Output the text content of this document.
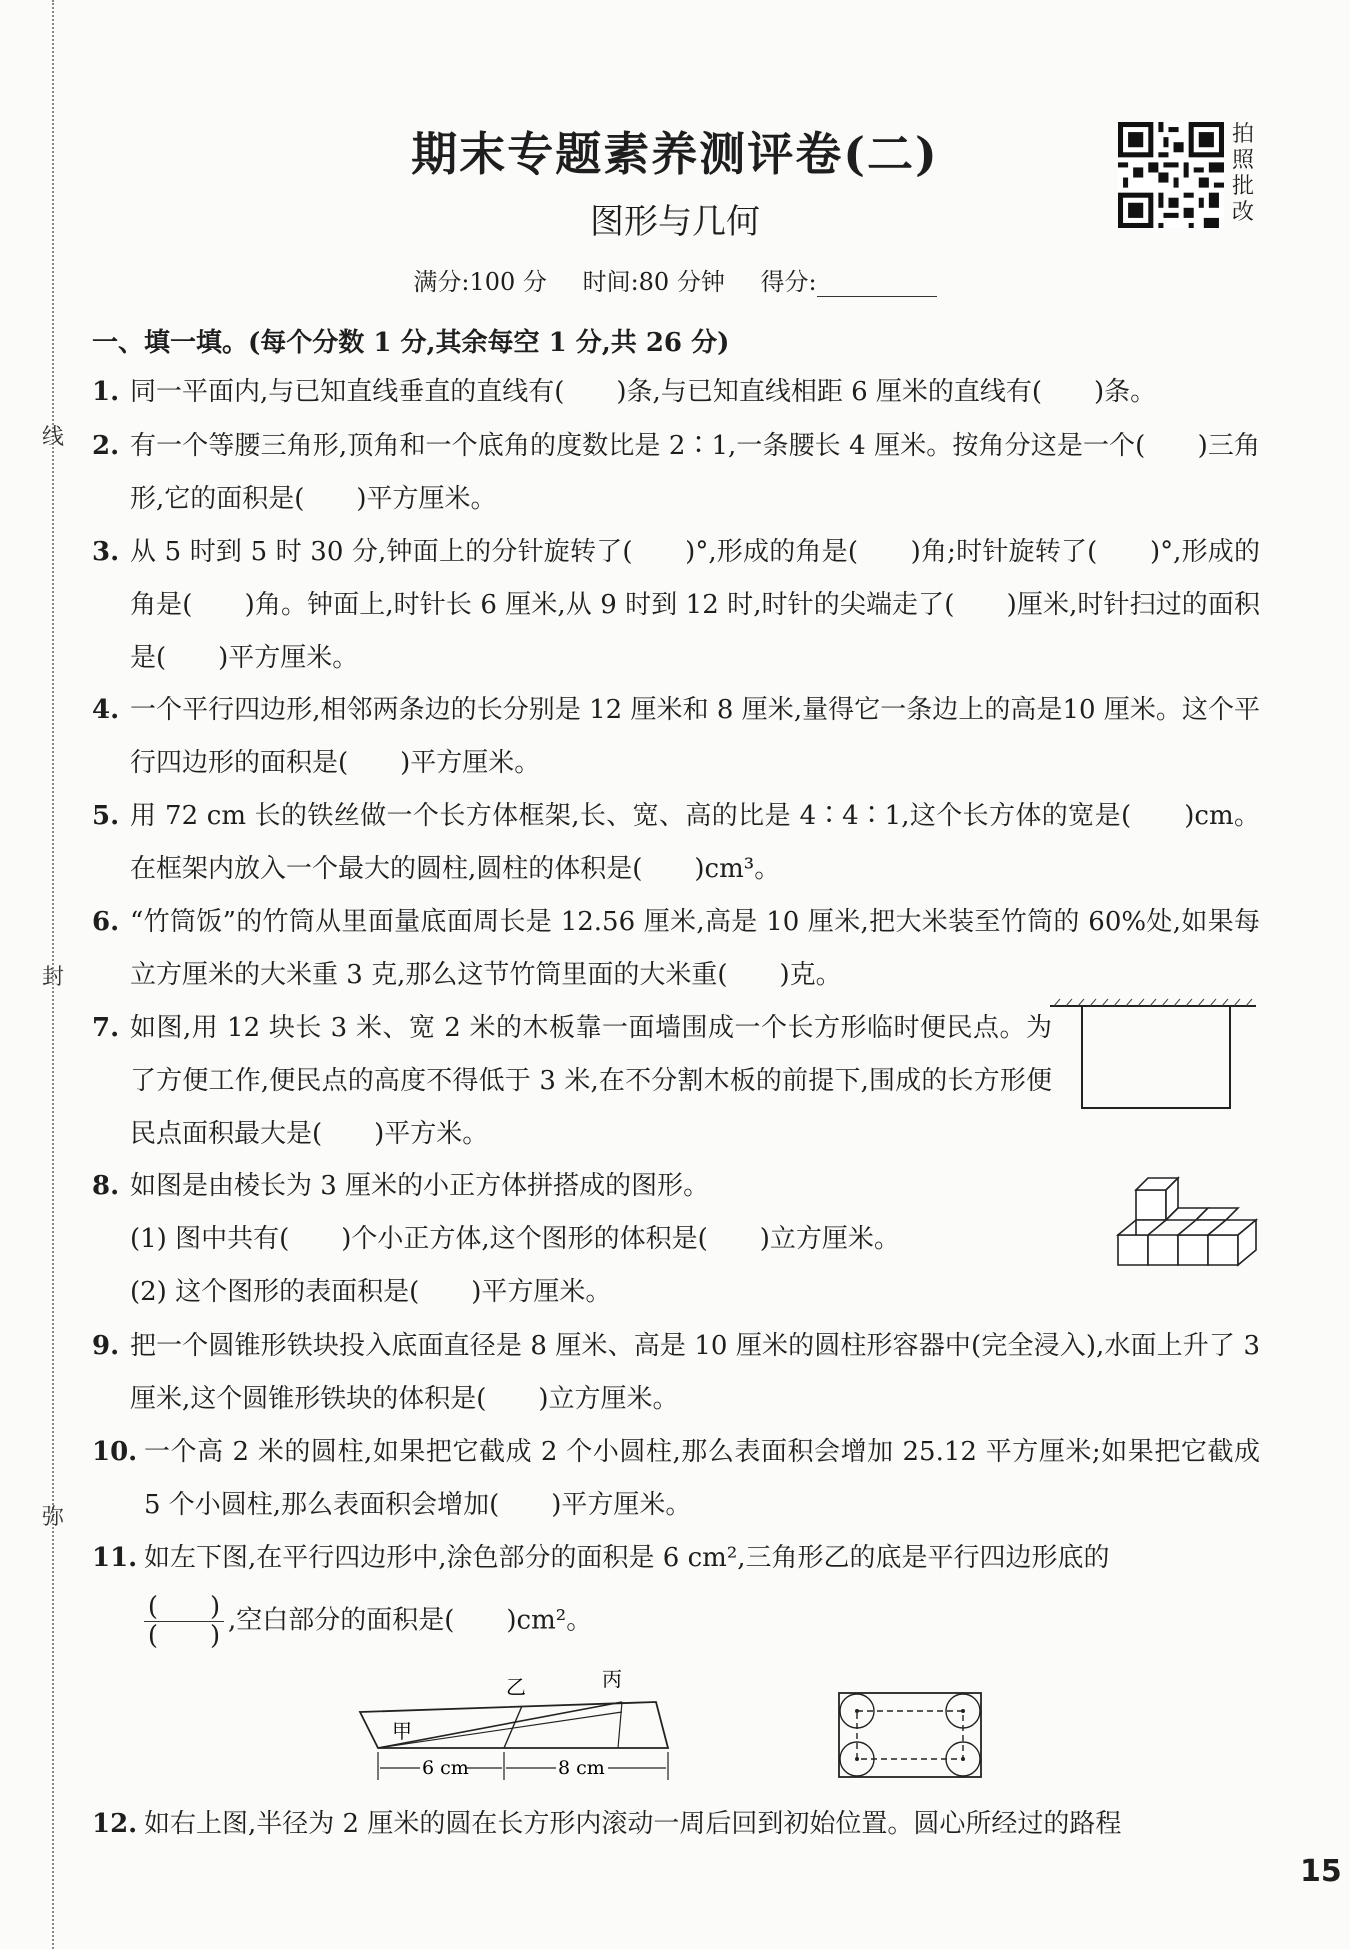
线
封
弥
期末专题素养测评卷(二)
图形与几何
拍照批改
满分:100 分 时间:80 分钟 得分:
一、填一填。(每个分数 1 分,其余每空 1 分,共 26 分)
1. 同一平面内,与已知直线垂直的直线有(　　)条,与已知直线相距 6 厘米的直线有(　　)条。
2. 有一个等腰三角形,顶角和一个底角的度数比是 2∶1,一条腰长 4 厘米。按角分这是一个(　　)三角形,它的面积是(　　)平方厘米。
3. 从 5 时到 5 时 30 分,钟面上的分针旋转了(　　)°,形成的角是(　　)角;时针旋转了(　　)°,形成的角是(　　)角。钟面上,时针长 6 厘米,从 9 时到 12 时,时针的尖端走了(　　)厘米,时针扫过的面积是(　　)平方厘米。
4. 一个平行四边形,相邻两条边的长分别是 12 厘米和 8 厘米,量得它一条边上的高是10 厘米。这个平行四边形的面积是(　　)平方厘米。
5. 用 72 cm 长的铁丝做一个长方体框架,长、宽、高的比是 4∶4∶1,这个长方体的宽是(　　)cm。在框架内放入一个最大的圆柱,圆柱的体积是(　　)cm³。
6. “竹筒饭”的竹筒从里面量底面周长是 12.56 厘米,高是 10 厘米,把大米装至竹筒的 60%处,如果每立方厘米的大米重 3 克,那么这节竹筒里面的大米重(　　)克。
7. 如图,用 12 块长 3 米、宽 2 米的木板靠一面墙围成一个长方形临时便民点。为了方便工作,便民点的高度不得低于 3 米,在不分割木板的前提下,围成的长方形便民点面积最大是(　　)平方米。
8. 如图是由棱长为 3 厘米的小正方体拼搭成的图形。
(1) 图中共有(　　)个小正方体,这个图形的体积是(　　)立方厘米。
(2) 这个图形的表面积是(　　)平方厘米。
9. 把一个圆锥形铁块投入底面直径是 8 厘米、高是 10 厘米的圆柱形容器中(完全浸入),水面上升了 3 厘米,这个圆锥形铁块的体积是(　　)立方厘米。
10. 一个高 2 米的圆柱,如果把它截成 2 个小圆柱,那么表面积会增加 25.12 平方厘米;如果把它截成 5 个小圆柱,那么表面积会增加(　　)平方厘米。
11. 如左下图,在平行四边形中,涂色部分的面积是 6 cm²,三角形乙的底是平行四边形底的
$\frac{( )}{( )}$ ,空白部分的面积是(　　)cm²。
甲
乙	丙
6 cm	8 cm
12. 如右上图,半径为 2 厘米的圆在长方形内滚动一周后回到初始位置。圆心所经过的路程
15
